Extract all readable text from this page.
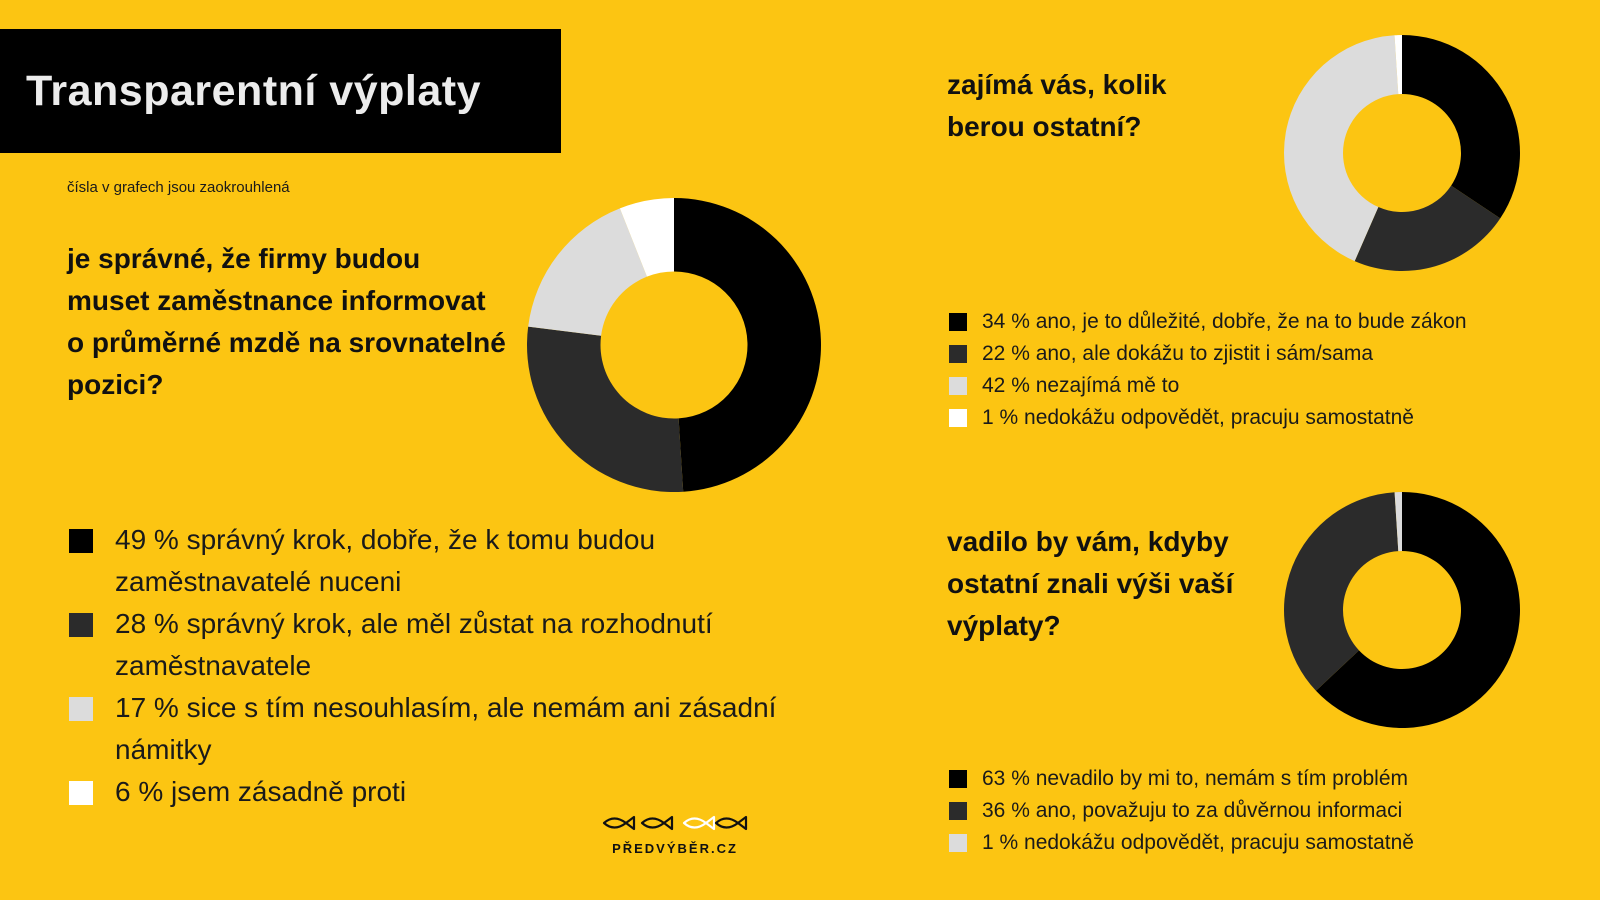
Transparentní výplaty
čísla v grafech jsou zaokrouhlená

je správné, že firmy budou muset zaměstnance informovat o průměrné mzdě na srovnatelné pozici?

49 % správný krok, dobře, že k tomu budou zaměstnavatelé nuceni
28 % správný krok, ale měl zůstat na rozhodnutí zaměstnavatele
17 % sice s tím nesouhlasím, ale nemám ani zásadní námitky
6 % jsem zásadně proti

zajímá vás, kolik berou ostatní?

34 % ano, je to důležité, dobře, že na to bude zákon
22 % ano, ale dokážu to zjistit i sám/sama
42 % nezajímá mě to
1 % nedokážu odpovědět, pracuju samostatně

vadilo by vám, kdyby ostatní znali výši vaší výplaty?

63 % nevadilo by mi to, nemám s tím problém
36 % ano, považuju to za důvěrnou informaci
1 % nedokážu odpovědět, pracuju samostatně
PŘEDVÝBĚR.CZ
